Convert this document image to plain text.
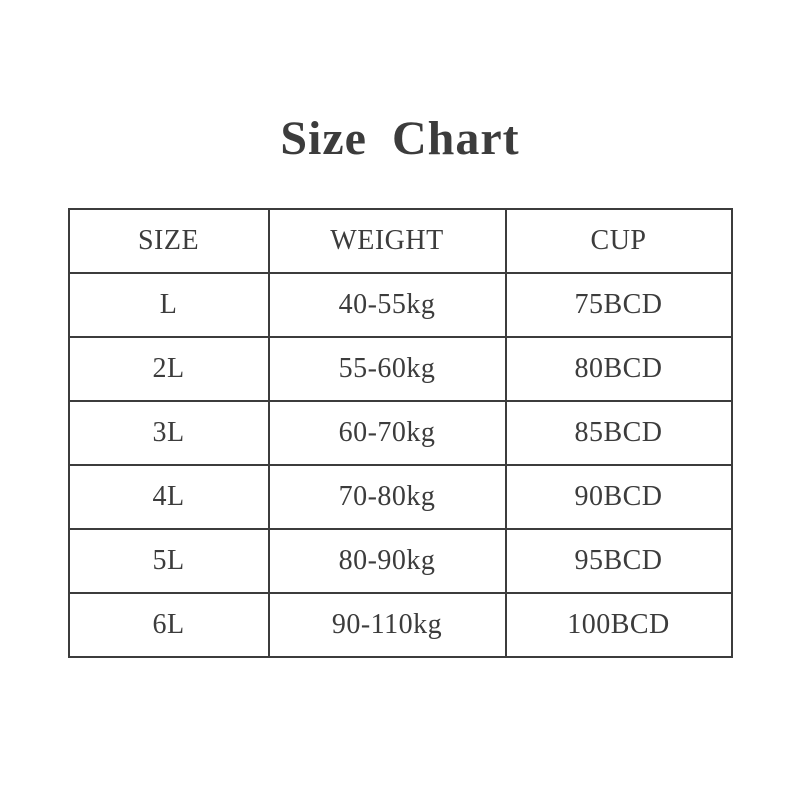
Size Chart
SIZE	WEIGHT	CUP
L	40-55kg	75BCD
2L	55-60kg	80BCD
3L	60-70kg	85BCD
4L	70-80kg	90BCD
5L	80-90kg	95BCD
6L	90-110kg	100BCD
